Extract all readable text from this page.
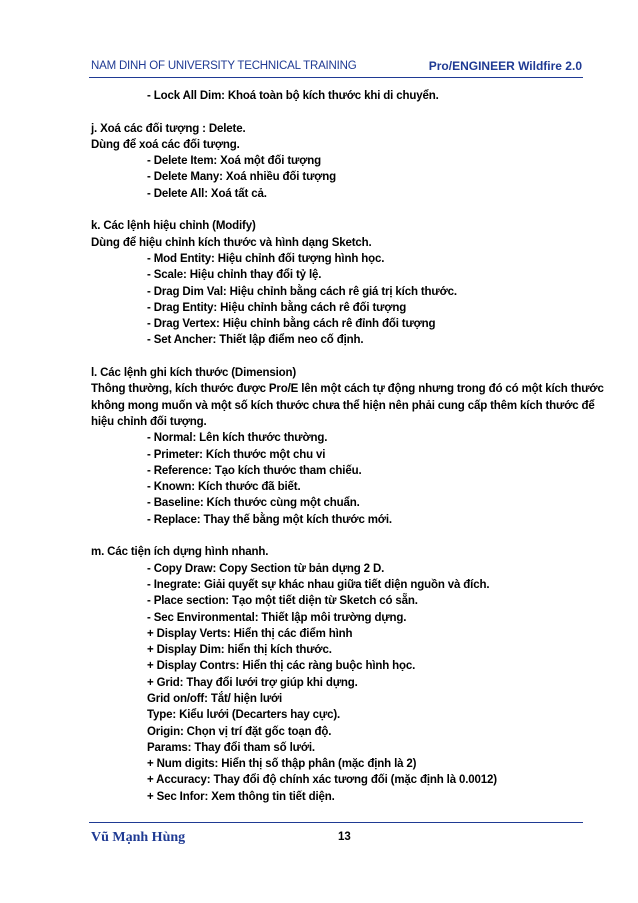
NAM DINH OF UNIVERSITY TECHNICAL TRAINING	Pro/ENGINEER Wildfire 2.0
- Lock All Dim: Khoá toàn bộ kích thước khi di chuyển.
j. Xoá các đối tượng : Delete.
Dùng để xoá các đối tượng.
- Delete Item: Xoá một đối tượng
- Delete Many: Xoá nhiều đối tượng
- Delete All: Xoá tất cả.
k. Các lệnh hiệu chỉnh (Modify)
Dùng để hiệu chỉnh kích thước và hình dạng Sketch.
- Mod Entity: Hiệu chỉnh đối tượng hình học.
- Scale: Hiệu chỉnh thay đổi tỷ lệ.
- Drag Dim Val: Hiệu chỉnh bằng cách rê giá trị kích thước.
- Drag Entity: Hiệu chỉnh bằng cách rê đối tượng
- Drag Vertex: Hiệu chỉnh bằng cách rê đỉnh đối tượng
- Set Ancher: Thiết lập điểm neo cố định.
l. Các lệnh ghi kích thước (Dimension)
Thông thường, kích thước được Pro/E lên một cách tự động nhưng trong đó có một kích thước
không mong muốn và một số kích thước chưa thể hiện nên phải cung cấp thêm kích thước để
hiệu chỉnh đối tượng.
- Normal: Lên kích thước thường.
- Primeter: Kích thước một chu vi
- Reference: Tạo kích thước tham chiếu.
- Known: Kích thước đã biết.
- Baseline: Kích thước cùng một chuẩn.
- Replace: Thay thế bằng một kích thước mới.
m. Các tiện ích dựng hình nhanh.
- Copy Draw: Copy Section từ bản dựng 2 D.
- Inegrate: Giải quyết sự khác nhau giữa tiết diện nguồn và đích.
- Place section: Tạo một tiết diện từ Sketch có sẵn.
- Sec Environmental: Thiết lập môi trường dựng.
+ Display Verts: Hiển thị các điểm hình
+ Display Dim: hiển thị kích thước.
+ Display Contrs: Hiển thị các ràng buộc hình học.
+ Grid: Thay đổi lưới trợ giúp khi dựng.
Grid on/off: Tắt/ hiện lưới
Type: Kiểu lưới (Decarters hay cực).
Origin: Chọn vị trí đặt gốc toạn độ.
Params: Thay đổi tham số lưới.
+ Num digits: Hiển thị số thập phân (mặc định là 2)
+ Accuracy: Thay đổi độ chính xác tương đối (mặc định là 0.0012)
+ Sec Infor: Xem thông tin tiết diện.
Vũ Mạnh Hùng	13
